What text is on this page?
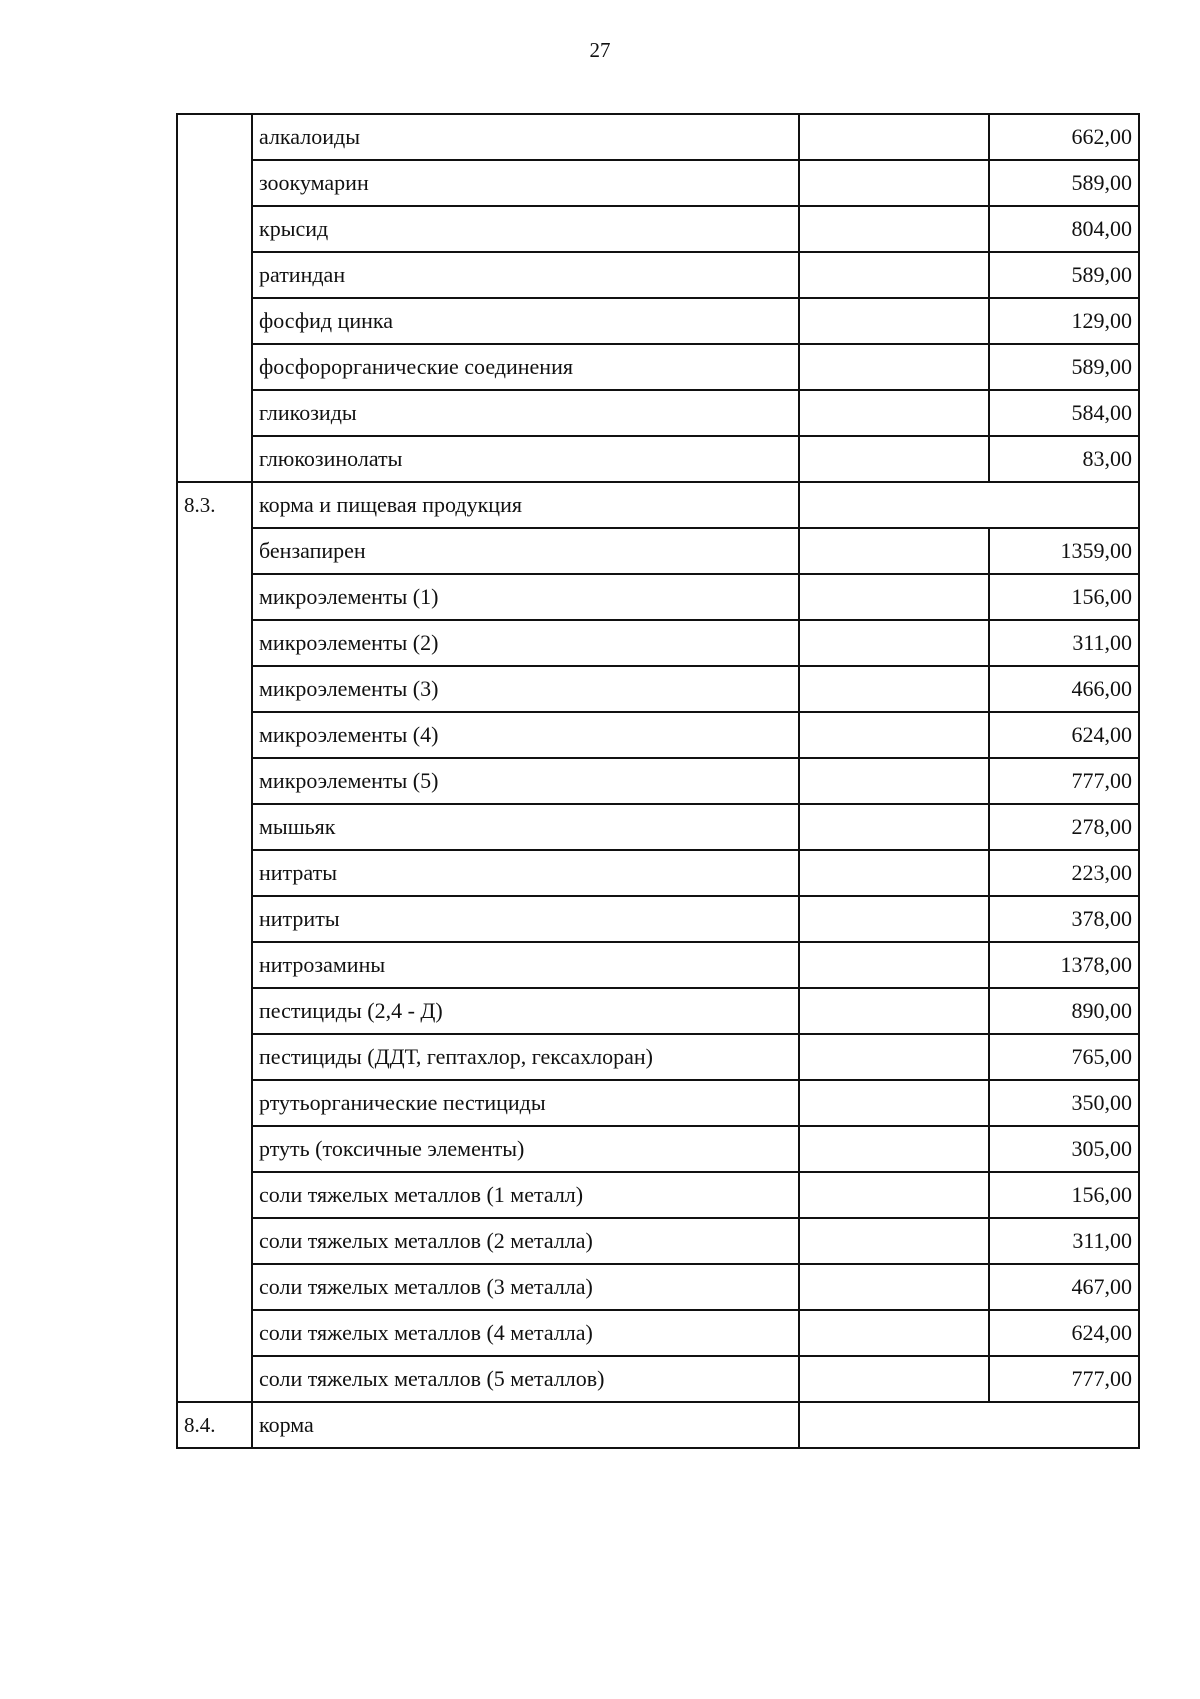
27
	алкалоиды		662,00
	зоокумарин		589,00
	крысид		804,00
	ратиндан		589,00
	фосфид цинка		129,00
	фосфорорганические соединения		589,00
	гликозиды		584,00
	глюкозинолаты		83,00
8.3.	корма и пищевая продукция		
	бензапирен		1359,00
	микроэлементы (1)		156,00
	микроэлементы (2)		311,00
	микроэлементы (3)		466,00
	микроэлементы (4)		624,00
	микроэлементы (5)		777,00
	мышьяк		278,00
	нитраты		223,00
	нитриты		378,00
	нитрозамины		1378,00
	пестициды (2,4 - Д)		890,00
	пестициды (ДДТ, гептахлор, гексахлоран)		765,00
	ртутьорганические пестициды		350,00
	ртуть (токсичные элементы)		305,00
	соли тяжелых металлов (1 металл)		156,00
	соли тяжелых металлов (2 металла)		311,00
	соли тяжелых металлов (3 металла)		467,00
	соли тяжелых металлов (4 металла)		624,00
	соли тяжелых металлов (5 металлов)		777,00
8.4.	корма		
